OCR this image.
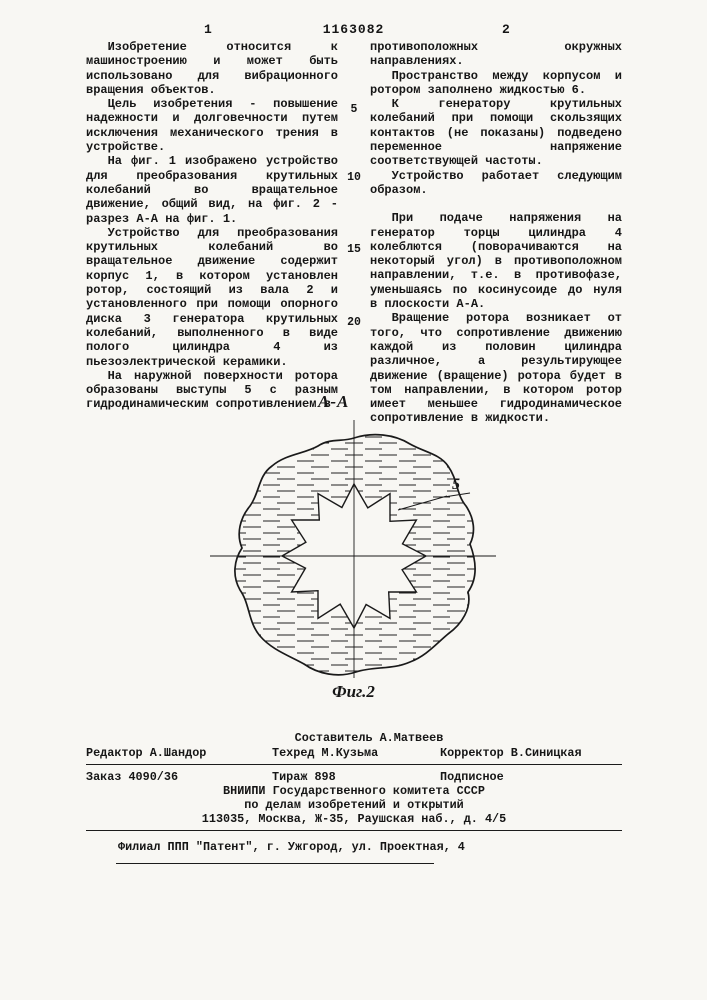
1	1163082	2

Изобретение относится к машиностроению и может быть использовано для вибрационного вращения объектов.

Цель изобретения - повышение надежности и долговечности путем исключения механического трения в устройстве.

На фиг. 1 изображено устройство для преобразования крутильных колебаний во вращательное движение, общий вид, на фиг. 2 - разрез А-А на фиг. 1.

Устройство для преобразования крутильных колебаний во вращательное движение содержит корпус 1, в котором установлен ротор, состоящий из вала 2 и установленного при помощи опорного диска 3 генератора крутильных колебаний, выполненного в виде полого цилиндра 4 из пьезоэлектрической керамики.

На наружной поверхности ротора образованы выступы 5 с разным гидродинамическим сопротивлением в

5
10
15
20

противоположных окружных направлениях.

Пространство между корпусом и ротором заполнено жидкостью 6.

К генератору крутильных колебаний при помощи скользящих контактов (не показаны) подведено переменное напряжение соответствующей частоты.

Устройство работает следующим образом.

При подаче напряжения на генератор торцы цилиндра 4 колеблются (поворачиваются на некоторый угол) в противоположном направлении, т.е. в противофазе, уменьшаясь по косинусоиде до нуля в плоскости А-А.

Вращение ротора возникает от того, что сопротивление движению каждой из половин цилиндра различное, а результирующее движение (вращение) ротора будет в том направлении, в котором ротор имеет меньшее гидродинамическое сопротивление в жидкости.

А-А
5
Фиг.2
Составитель А.Матвеев
Редактор А.Шандор	Техред М.Кузьма	Корректор В.Синицкая
Заказ 4090/36	Тираж 898	Подписное
ВНИИПИ Государственного комитета СССР
по делам изобретений и открытий
113035, Москва, Ж-35, Раушская наб., д. 4/5
Филиал ППП "Патент", г. Ужгород, ул. Проектная, 4
